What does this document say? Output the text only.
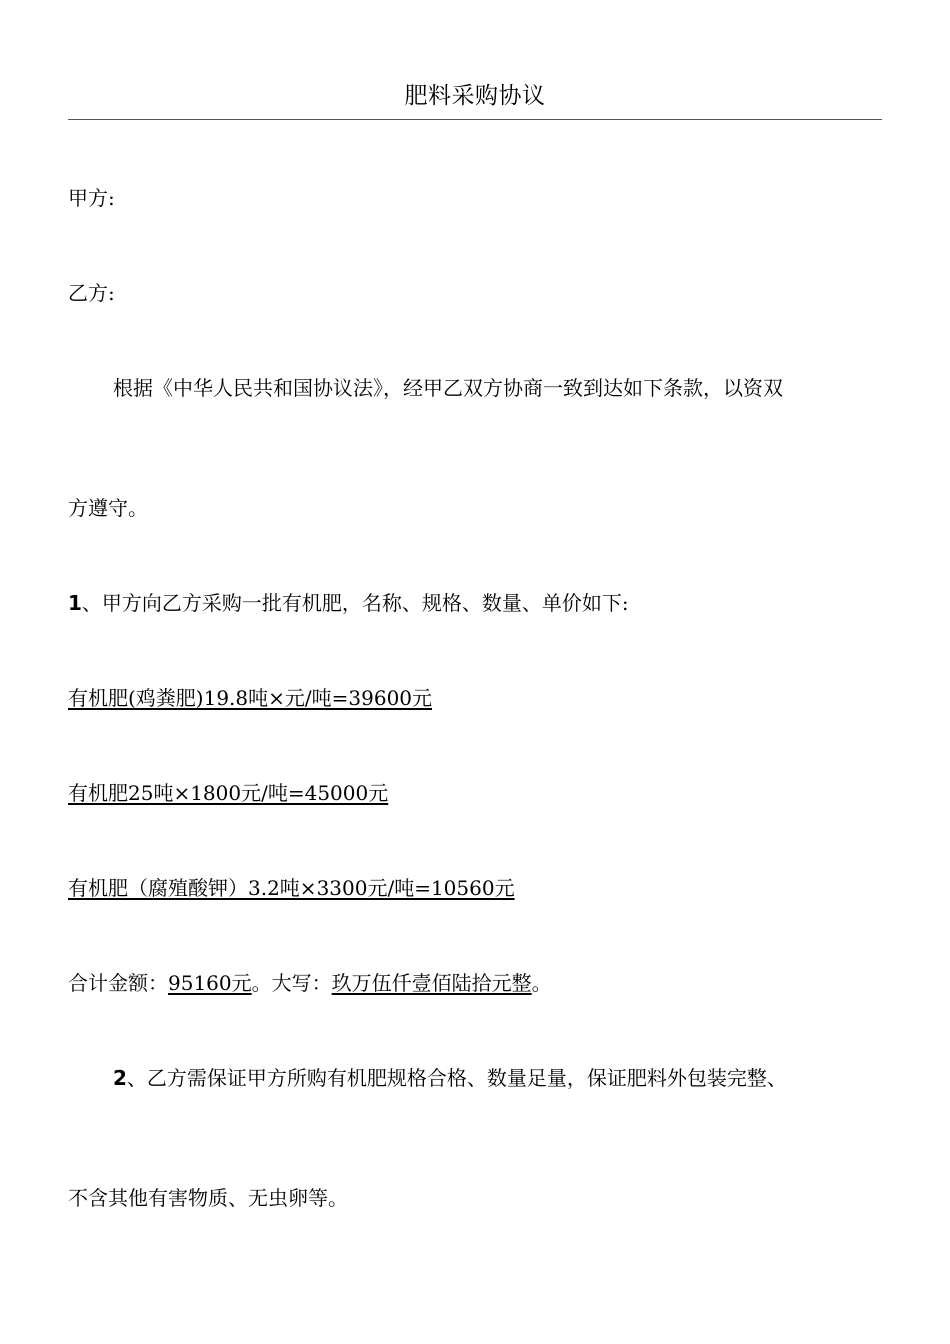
肥料采购协议
甲方:
乙方:
根据《中华人民共和国协议法》，经甲乙双方协商一致到达如下条款，以资双
方遵守。
1、甲方向乙方采购一批有机肥，名称、规格、数量、单价如下:
有机肥(鸡粪肥)19.8吨×元/吨=39600元
有机肥25吨×1800元/吨=45000元
有机肥（腐殖酸钾）3.2吨×3300元/吨=10560元
合计金额：95160元。大写：玖万伍仟壹佰陆拾元整。
2、乙方需保证甲方所购有机肥规格合格、数量足量，保证肥料外包装完整、
不含其他有害物质、无虫卵等。
